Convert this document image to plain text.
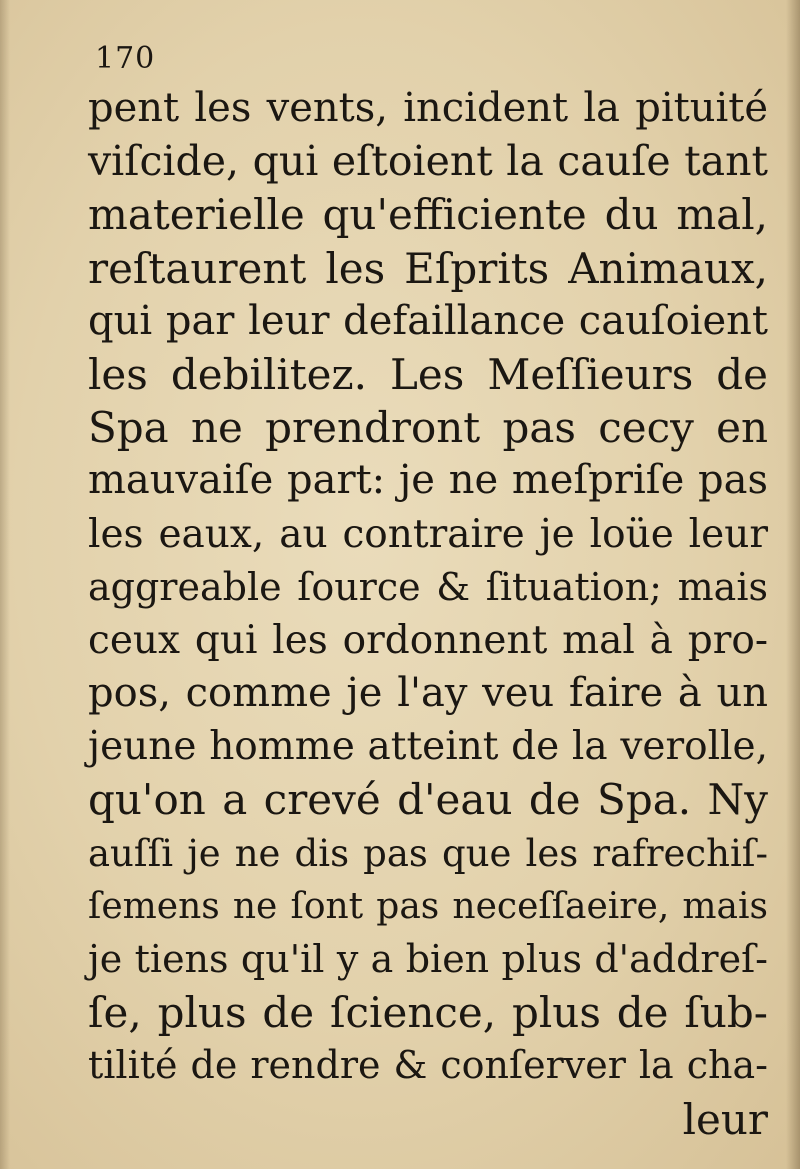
170
pent les vents, incident la pituité
viſcide, qui eſtoient la cauſe tant
materielle qu'efficiente du mal,
reſtaurent les Eſprits Animaux,
qui par leur defaillance cauſoient
les debilitez. Les Meſſieurs de
Spa ne prendront pas cecy en
mauvaiſe part: je ne meſpriſe pas
les eaux, au contraire je loüe leur
aggreable ſource & ſituation; mais
ceux qui les ordonnent mal à pro-
pos, comme je l'ay veu faire à un
jeune homme atteint de la verolle,
qu'on a crevé d'eau de Spa. Ny
auſſi je ne dis pas que les rafrechiſ-
ſemens ne ſont pas neceſſaeire, mais
je tiens qu'il y a bien plus d'addreſ-
ſe, plus de ſcience, plus de ſub-
tilité de rendre & conſerver la cha-
leur
